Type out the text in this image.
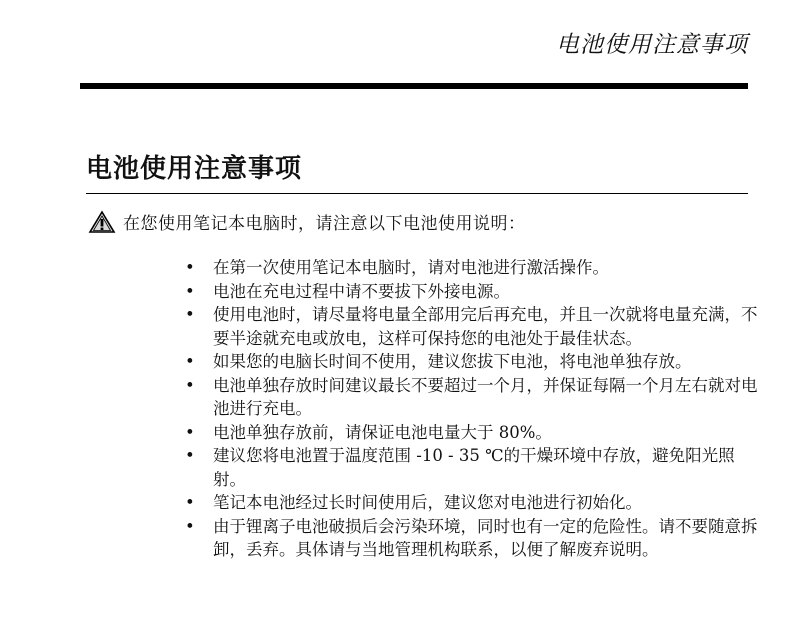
电池使用注意事项
电池使用注意事项
在您使用笔记本电脑时，请注意以下电池使用说明：
•	在第一次使用笔记本电脑时，请对电池进行激活操作。
•	电池在充电过程中请不要拔下外接电源。
•	使用电池时，请尽量将电量全部用完后再充电，并且一次就将电量充满，不要半途就充电或放电，这样可保持您的电池处于最佳状态。
•	如果您的电脑长时间不使用，建议您拔下电池，将电池单独存放。
•	电池单独存放时间建议最长不要超过一个月，并保证每隔一个月左右就对电池进行充电。
•	电池单独存放前，请保证电池电量大于 80%。
•	建议您将电池置于温度范围 -10 - 35 ℃的干燥环境中存放，避免阳光照射。
•	笔记本电池经过长时间使用后，建议您对电池进行初始化。
•	由于锂离子电池破损后会污染环境，同时也有一定的危险性。请不要随意拆卸，丢弃。具体请与当地管理机构联系，以便了解废弃说明。
